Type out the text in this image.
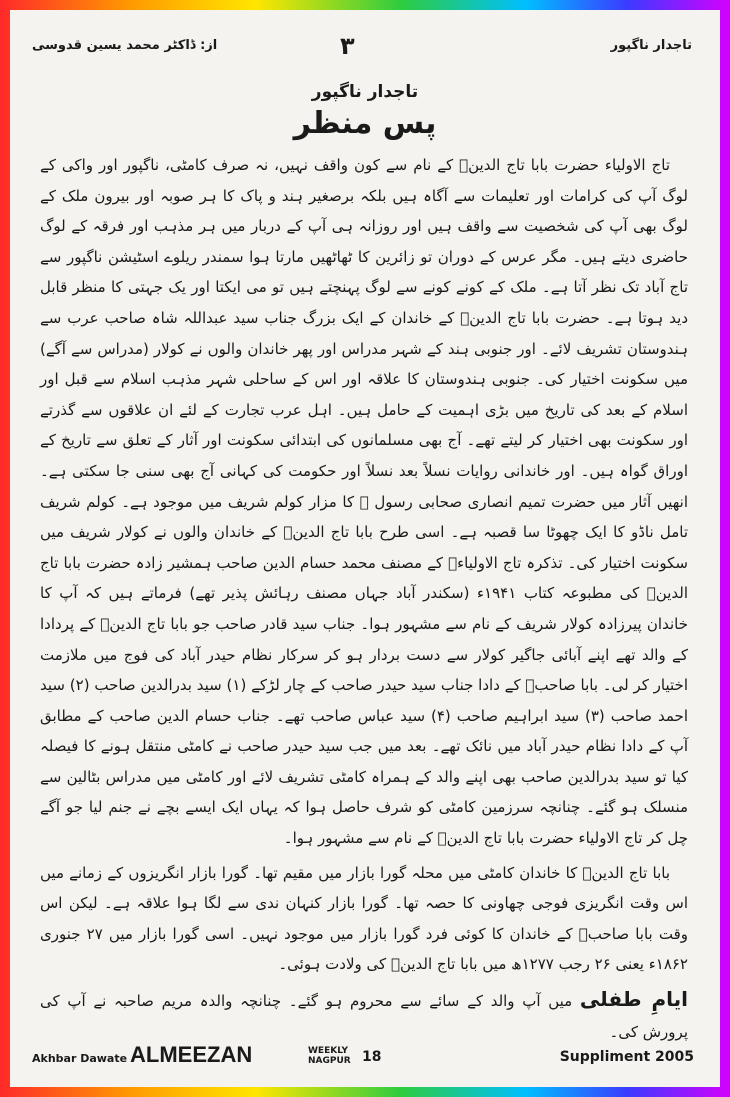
از: ڈاکٹر محمد یسین قدوسی	۳	تاجدار ناگپور
تاجدار ناگپور
پس منظر

تاج الاولیاء حضرت بابا تاج الدینؒ کے نام سے کون واقف نہیں، نہ صرف کامٹی، ناگپور اور واکی کے لوگ آپ کی کرامات اور تعلیمات سے آگاہ ہیں بلکہ برصغیر ہند و پاک کا ہر صوبہ اور بیرون ملک کے لوگ بھی آپ کی شخصیت سے واقف ہیں اور روزانہ ہی آپ کے دربار میں ہر مذہب اور فرقہ کے لوگ حاضری دیتے ہیں۔ مگر عرس کے دوران تو زائرین کا ٹھاٹھیں مارتا ہوا سمندر ریلوے اسٹیشن ناگپور سے تاج آباد تک نظر آتا ہے۔ ملک کے کونے کونے سے لوگ پہنچتے ہیں تو می ایکتا اور یک جہتی کا منظر قابل دید ہوتا ہے۔ حضرت بابا تاج الدینؒ کے خاندان کے ایک بزرگ جناب سید عبداللہ شاہ صاحب عرب سے ہندوستان تشریف لائے۔ اور جنوبی ہند کے شہر مدراس اور پھر خاندان والوں نے کولار (مدراس سے آگے) میں سکونت اختیار کی۔ جنوبی ہندوستان کا علاقہ اور اس کے ساحلی شہر مذہب اسلام سے قبل اور اسلام کے بعد کی تاریخ میں بڑی اہمیت کے حامل ہیں۔ اہل عرب تجارت کے لئے ان علاقوں سے گذرتے اور سکونت بھی اختیار کر لیتے تھے۔ آج بھی مسلمانوں کی ابتدائی سکونت اور آثار کے تعلق سے تاریخ کے اوراق گواہ ہیں۔ اور خاندانی روایات نسلاً بعد نسلاً اور حکومت کی کہانی آج بھی سنی جا سکتی ہے۔ انھیں آثار میں حضرت تمیم انصاری صحابی رسول ﷺ کا مزار کولم شریف میں موجود ہے۔ کولم شریف تامل ناڈو کا ایک چھوٹا سا قصبہ ہے۔ اسی طرح بابا تاج الدینؒ کے خاندان والوں نے کولار شریف میں سکونت اختیار کی۔ تذکرہ تاج الاولیاءؒ کے مصنف محمد حسام الدین صاحب ہمشیر زادہ حضرت بابا تاج الدینؒ کی مطبوعہ کتاب ۱۹۴۱ء (سکندر آباد جہاں مصنف رہائش پذیر تھے) فرماتے ہیں کہ آپ کا خاندان پیرزادہ کولار شریف کے نام سے مشہور ہوا۔ جناب سید قادر صاحب جو بابا تاج الدینؒ کے پردادا کے والد تھے اپنے آبائی جاگیر کولار سے دست بردار ہو کر سرکار نظام حیدر آباد کی فوج میں ملازمت اختیار کر لی۔ بابا صاحبؒ کے دادا جناب سید حیدر صاحب کے چار لڑکے (۱) سید بدرالدین صاحب (۲) سید احمد صاحب (۳) سید ابراہیم صاحب (۴) سید عباس صاحب تھے۔ جناب حسام الدین صاحب کے مطابق آپ کے دادا نظام حیدر آباد میں نائک تھے۔ بعد میں جب سید حیدر صاحب نے کامٹی منتقل ہونے کا فیصلہ کیا تو سید بدرالدین صاحب بھی اپنے والد کے ہمراہ کامٹی تشریف لائے اور کامٹی میں مدراس بٹالین سے منسلک ہو گئے۔ چنانچہ سرزمین کامٹی کو شرف حاصل ہوا کہ یہاں ایک ایسے بچے نے جنم لیا جو آگے چل کر تاج الاولیاء حضرت بابا تاج الدینؒ کے نام سے مشہور ہوا۔

بابا تاج الدینؒ کا خاندان کامٹی میں محلہ گورا بازار میں مقیم تھا۔ گورا بازار انگریزوں کے زمانے میں اس وقت انگریزی فوجی چھاونی کا حصہ تھا۔ گورا بازار کنہان ندی سے لگا ہوا علاقہ ہے۔ لیکن اس وقت بابا صاحبؒ کے خاندان کا کوئی فرد گورا بازار میں موجود نہیں۔ اسی گورا بازار میں ۲۷ جنوری ۱۸۶۲ء یعنی ۲۶ رجب ۱۲۷۷ھ میں بابا تاج الدینؒ کی ولادت ہوئی۔

ایامِ طفلی میں آپ والد کے سائے سے محروم ہو گئے۔ چنانچہ والدہ مریم صاحبہ نے آپ کی پرورش کی۔

Akhbar Dawate ALMEEZAN	WEEKLY NAGPUR 18	Suppliment 2005
